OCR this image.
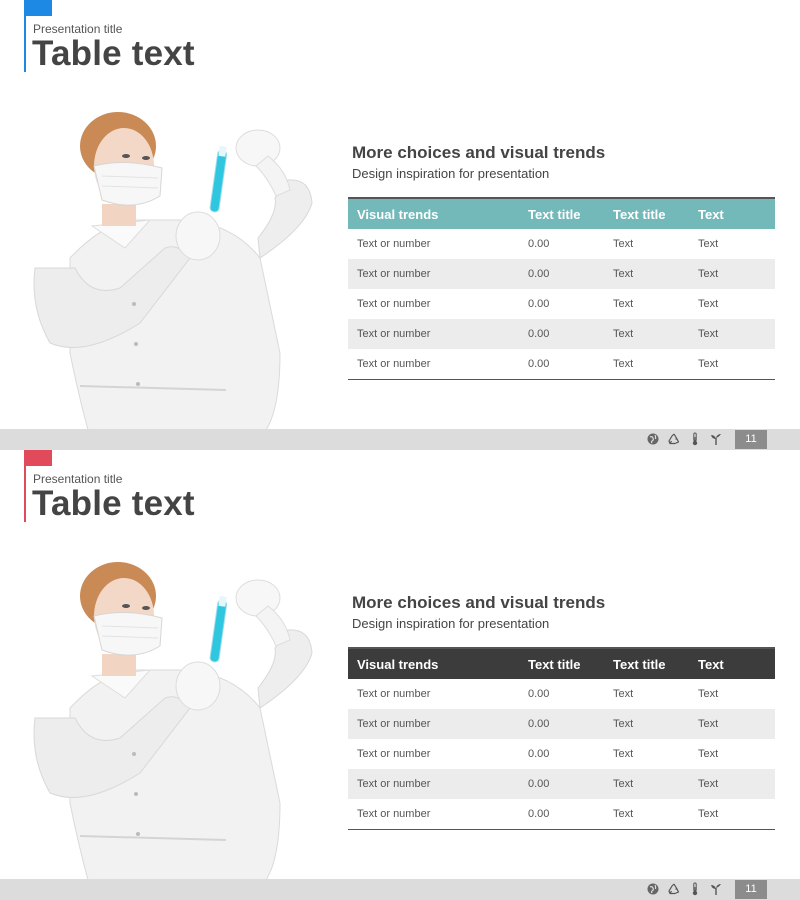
Presentation title
Table text
More choices and visual trends
Design inspiration for presentation
Visual trends	Text title	Text title	Text
Text or number	0.00	Text	Text
Text or number	0.00	Text	Text
Text or number	0.00	Text	Text
Text or number	0.00	Text	Text
Text or number	0.00	Text	Text
11
Presentation title
Table text
More choices and visual trends
Design inspiration for presentation
Visual trends	Text title	Text title	Text
Text or number	0.00	Text	Text
Text or number	0.00	Text	Text
Text or number	0.00	Text	Text
Text or number	0.00	Text	Text
Text or number	0.00	Text	Text
11
